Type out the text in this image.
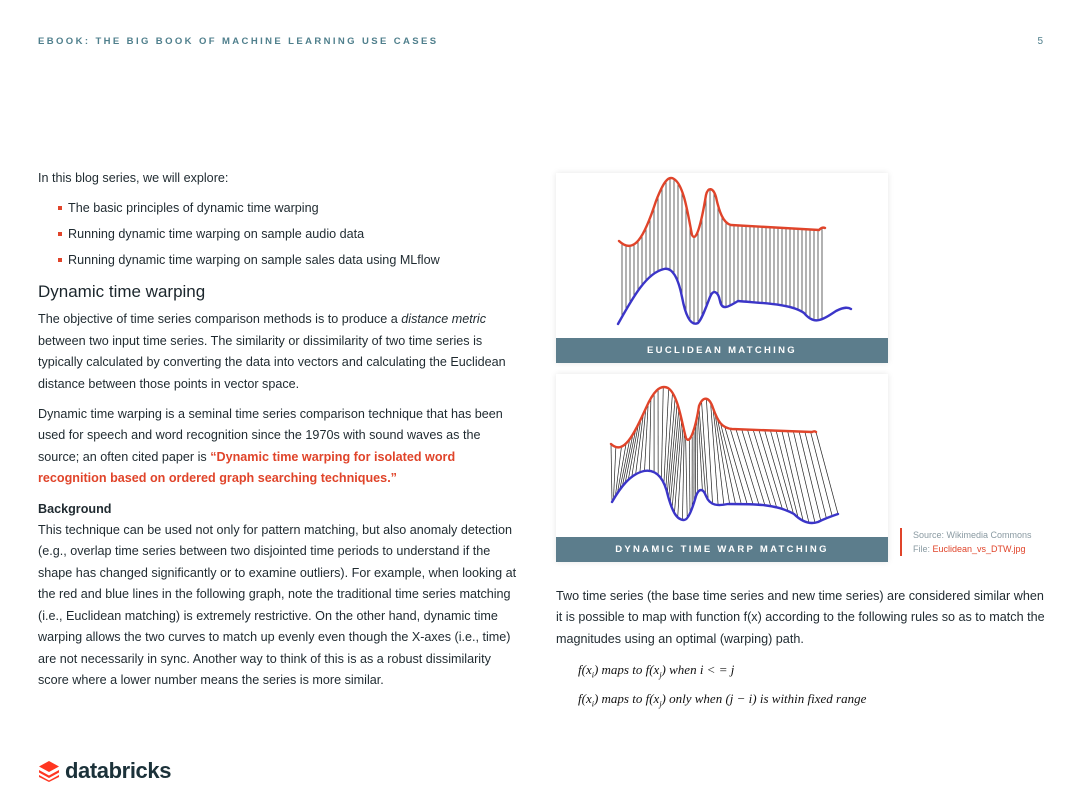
EBOOK: THE BIG BOOK OF MACHINE LEARNING USE CASES	5

In this blog series, we will explore:

The basic principles of dynamic time warping
Running dynamic time warping on sample audio data
Running dynamic time warping on sample sales data using MLflow
Dynamic time warping

The objective of time series comparison methods is to produce a distance metric between two input time series. The similarity or dissimilarity of two time series is typically calculated by converting the data into vectors and calculating the Euclidean distance between those points in vector space.

Dynamic time warping is a seminal time series comparison technique that has been used for speech and word recognition since the 1970s with sound waves as the source; an often cited paper is “Dynamic time warping for isolated word recognition based on ordered graph searching techniques.”

Background

This technique can be used not only for pattern matching, but also anomaly detection (e.g., overlap time series between two disjointed time periods to understand if the shape has changed significantly or to examine outliers). For example, when looking at the red and blue lines in the following graph, note the traditional time series matching (i.e., Euclidean matching) is extremely restrictive. On the other hand, dynamic time warping allows the two curves to match up evenly even though the X-axes (i.e., time) are not necessarily in sync. Another way to think of this is as a robust dissimilarity score where a lower number means the series is more similar.

EUCLIDEAN MATCHING
DYNAMIC TIME WARP MATCHING
Source: Wikimedia Commons
File: Euclidean_vs_DTW.jpg
Two time series (the base time series and new time series) are considered similar when it is possible to map with function f(x) according to the following rules so as to match the magnitudes using an optimal (warping) path.
$f(x_i)$ maps to $f(x_j)$ when i < = j
$f(x_i)$ maps to $f(x_j)$ only when (j − i) is within fixed range
databricks
